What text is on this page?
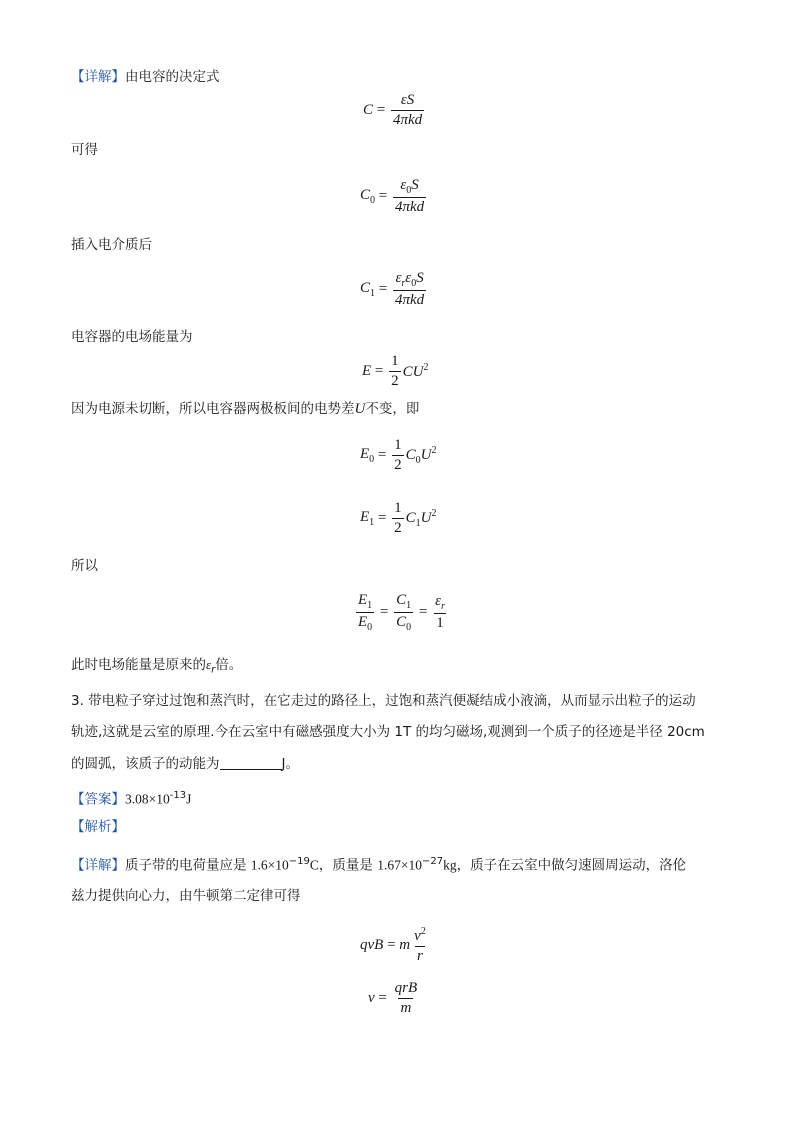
【详解】由电容的决定式
$C = \frac{\varepsilon S}{\text{4πkd}}$
可得
$C_0 = \frac{\varepsilon_0S}{\text{4πkd}}$
插入电介质后
$C_1 = \frac{\varepsilon_r\varepsilon_0S}{\text{4πkd}}$
电容器的电场能量为
$E = \frac{1}{2} CU^2$
因为电源未切断，所以电容器两极板间的电势差U不变，即
$E_0 = \frac{1}{2} C_0U^2$
$E_1 = \frac{1}{2} C_1U^2$
所以
$\frac{E_1}{E_0} = \frac{C_1}{C_0} = \frac{\varepsilon_r}{1}$
此时电场能量是原来的$\varepsilon_r$倍。
3. 带电粒子穿过过饱和蒸汽时，在它走过的路径上，过饱和蒸汽便凝结成小液滴，从而显示出粒子的运动
轨迹,这就是云室的原理.今在云室中有磁感强度大小为 1T 的均匀磁场,观测到一个质子的径迹是半径 20cm
的圆弧，该质子的动能为	J。
【答案】$3.08\times 10^{-13}J$
【解析】
【详解】质子带的电荷量应是 $1.6\times 10^{-19}C$，质量是 $1.67\times 10^{-27}kg$，质子在云室中做匀速圆周运动，洛伦
兹力提供向心力，由牛顿第二定律可得
qvB = m $\frac{v^2}{r}$
$v = \frac{\text{qrB}}{m}$
